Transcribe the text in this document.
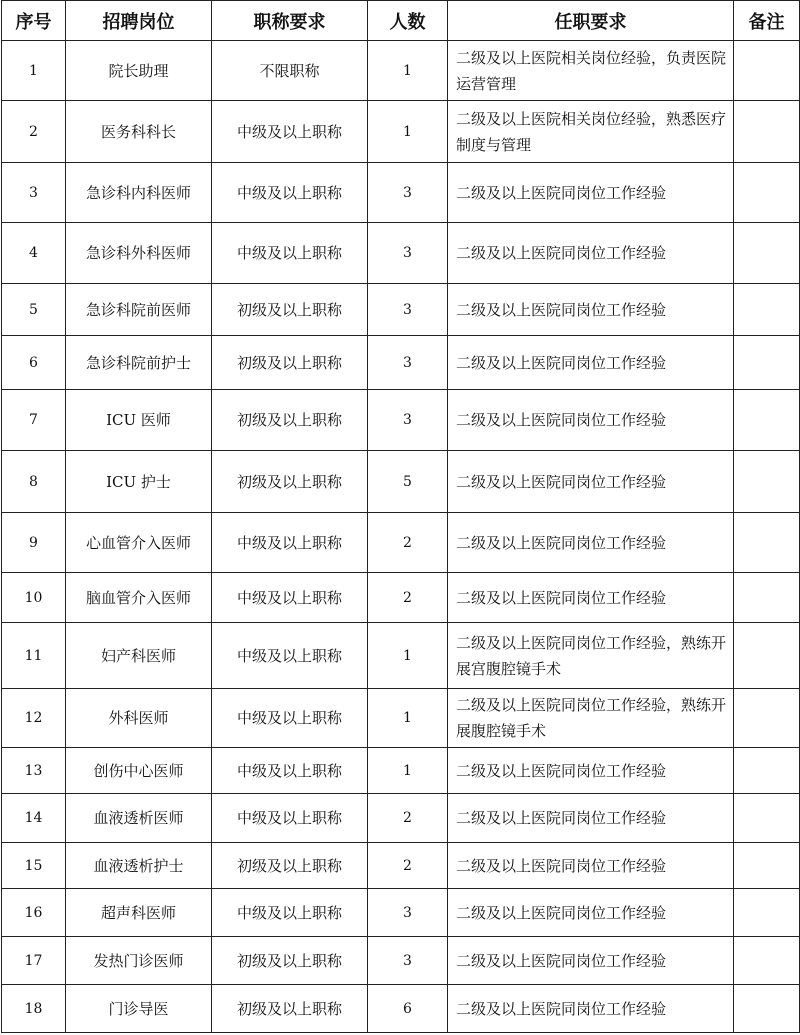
序号	招聘岗位	职称要求	人数	任职要求	备注
1	院长助理	不限职称	1	二级及以上医院相关岗位经验，负责医院运营管理	
2	医务科科长	中级及以上职称	1	二级及以上医院相关岗位经验，熟悉医疗制度与管理	
3	急诊科内科医师	中级及以上职称	3	二级及以上医院同岗位工作经验	
4	急诊科外科医师	中级及以上职称	3	二级及以上医院同岗位工作经验	
5	急诊科院前医师	初级及以上职称	3	二级及以上医院同岗位工作经验	
6	急诊科院前护士	初级及以上职称	3	二级及以上医院同岗位工作经验	
7	ICU 医师	初级及以上职称	3	二级及以上医院同岗位工作经验	
8	ICU 护士	初级及以上职称	5	二级及以上医院同岗位工作经验	
9	心血管介入医师	中级及以上职称	2	二级及以上医院同岗位工作经验	
10	脑血管介入医师	中级及以上职称	2	二级及以上医院同岗位工作经验	
11	妇产科医师	中级及以上职称	1	二级及以上医院同岗位工作经验，熟练开展宫腹腔镜手术	
12	外科医师	中级及以上职称	1	二级及以上医院同岗位工作经验，熟练开展腹腔镜手术	
13	创伤中心医师	中级及以上职称	1	二级及以上医院同岗位工作经验	
14	血液透析医师	中级及以上职称	2	二级及以上医院同岗位工作经验	
15	血液透析护士	初级及以上职称	2	二级及以上医院同岗位工作经验	
16	超声科医师	中级及以上职称	3	二级及以上医院同岗位工作经验	
17	发热门诊医师	初级及以上职称	3	二级及以上医院同岗位工作经验	
18	门诊导医	初级及以上职称	6	二级及以上医院同岗位工作经验	
